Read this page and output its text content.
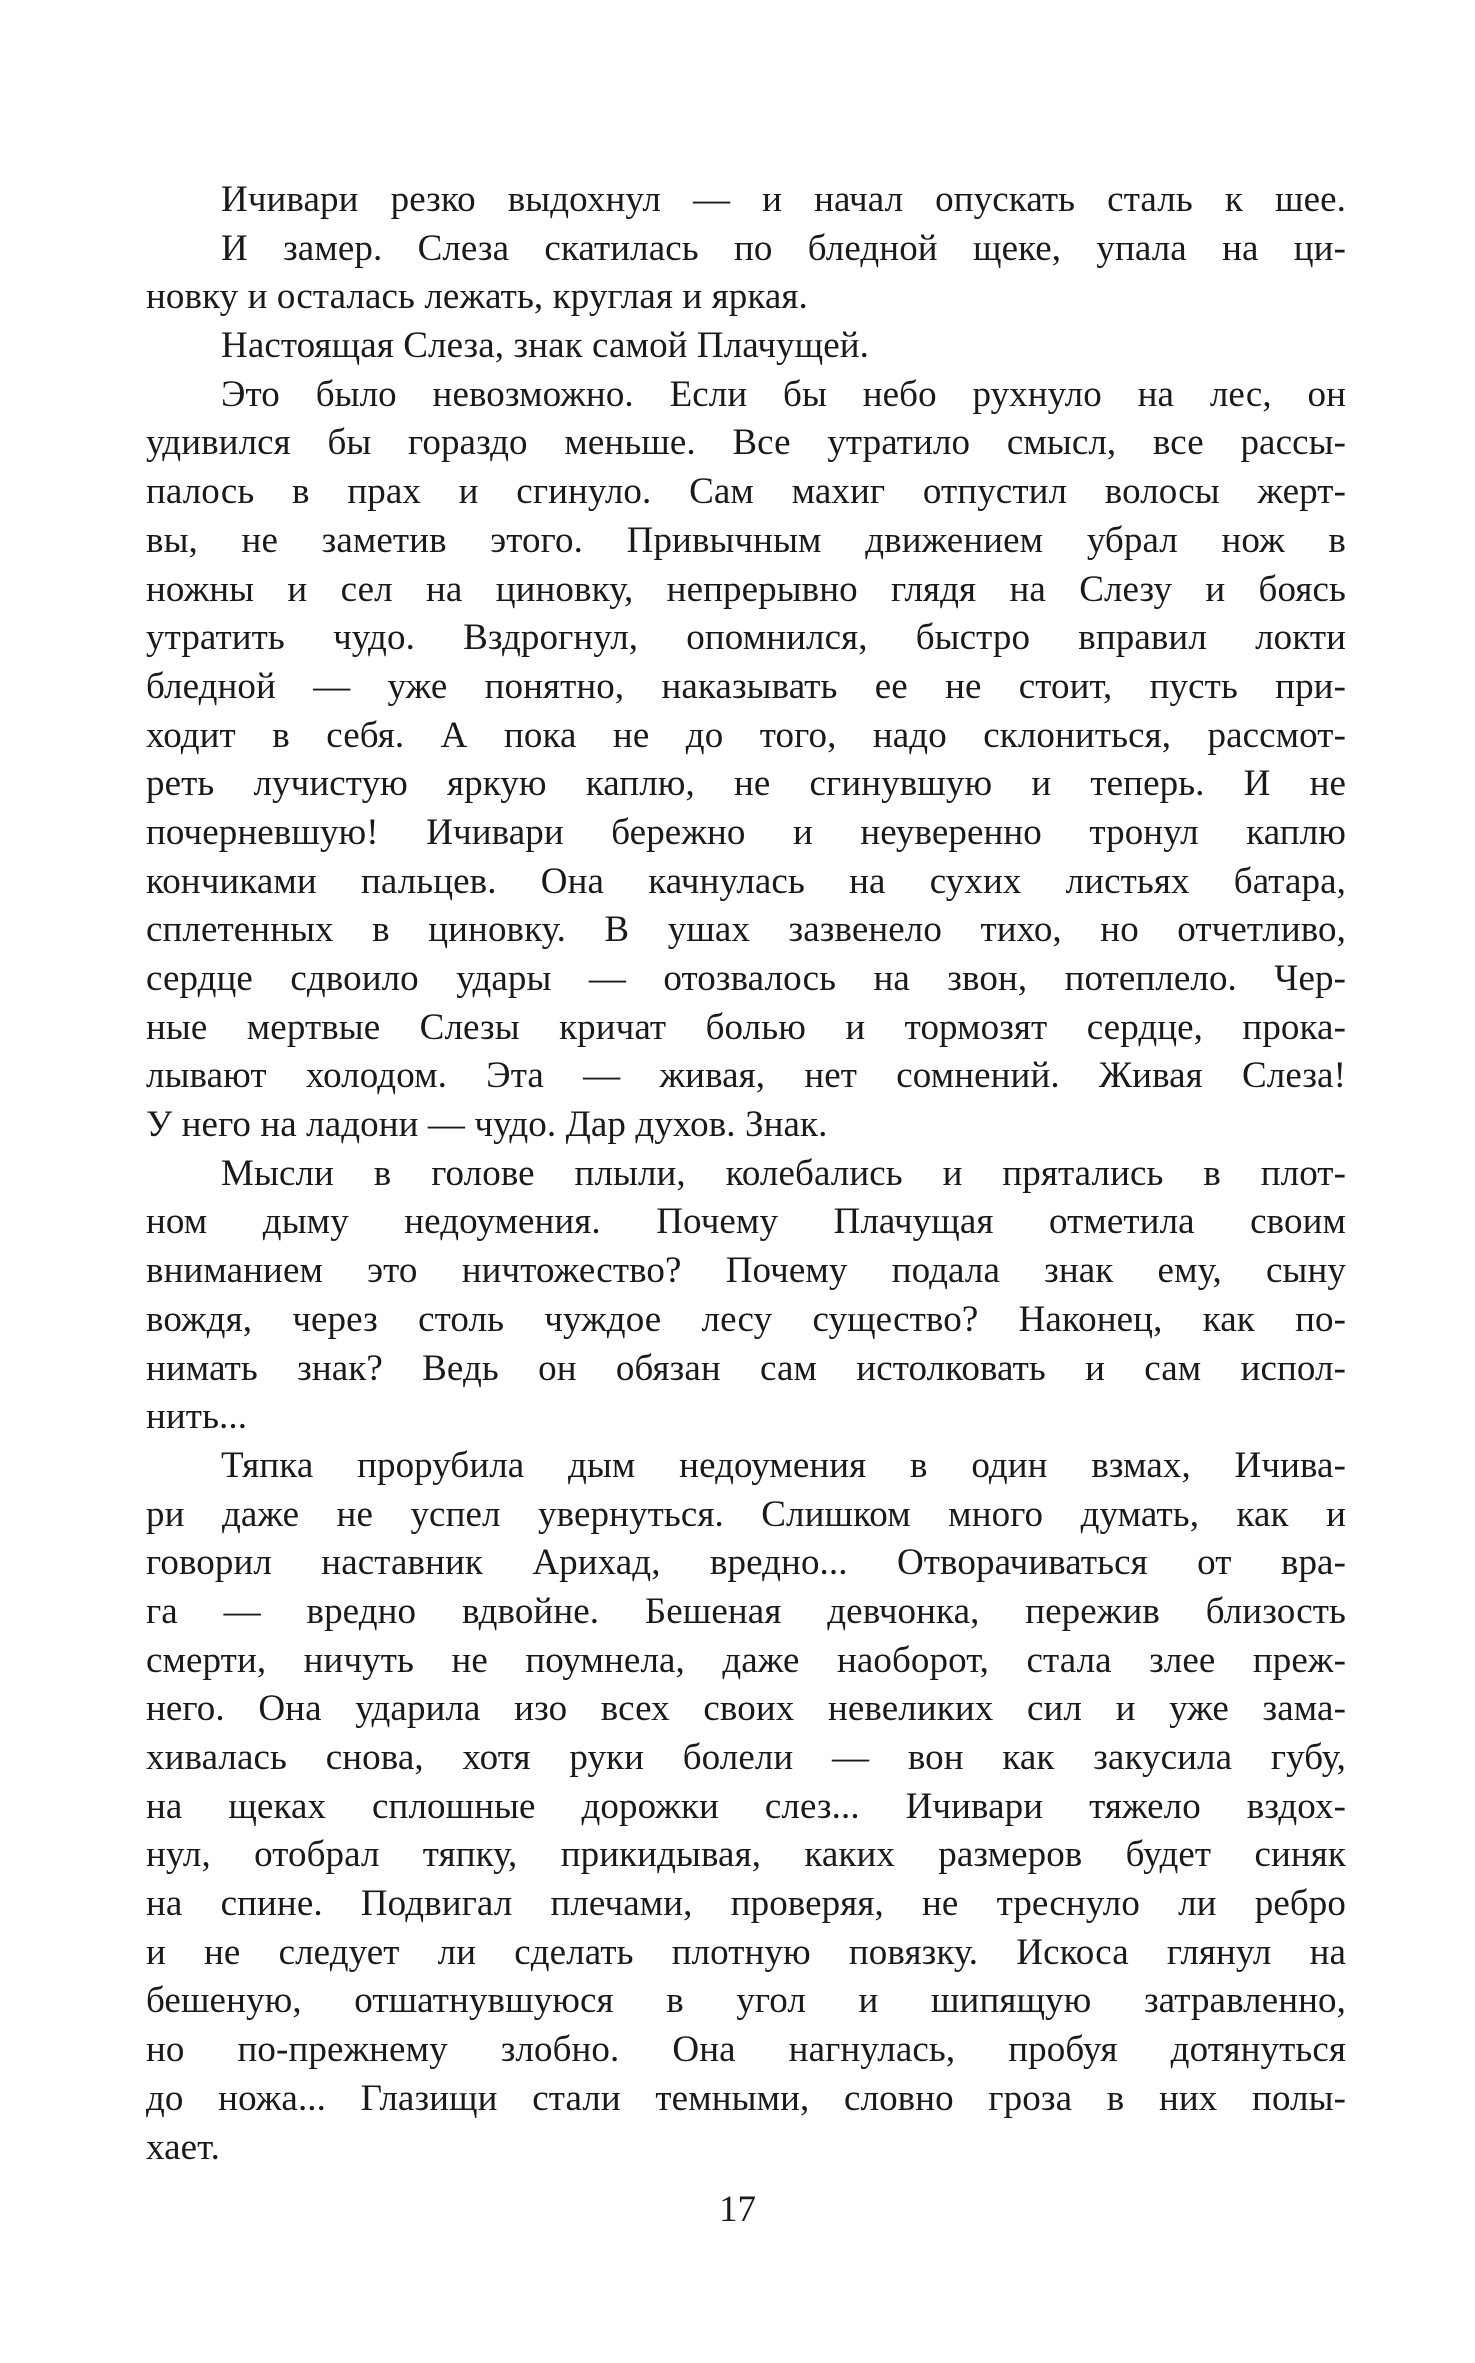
Ичивари резко выдохнул — и начал опускать сталь к шее.
И замер. Слеза скатилась по бледной щеке, упала на ци-
новку и осталась лежать, круглая и яркая.
Настоящая Слеза, знак самой Плачущей.
Это было невозможно. Если бы небо рухнуло на лес, он
удивился бы гораздо меньше. Все утратило смысл, все рассы-
палось в прах и сгинуло. Сам махиг отпустил волосы жерт-
вы, не заметив этого. Привычным движением убрал нож в
ножны и сел на циновку, непрерывно глядя на Слезу и боясь
утратить чудо. Вздрогнул, опомнился, быстро вправил локти
бледной — уже понятно, наказывать ее не стоит, пусть при-
ходит в себя. А пока не до того, надо склониться, рассмот-
реть лучистую яркую каплю, не сгинувшую и теперь. И не
почерневшую! Ичивари бережно и неуверенно тронул каплю
кончиками пальцев. Она качнулась на сухих листьях батара,
сплетенных в циновку. В ушах зазвенело тихо, но отчетливо,
сердце сдвоило удары — отозвалось на звон, потеплело. Чер-
ные мертвые Слезы кричат болью и тормозят сердце, прока-
лывают холодом. Эта — живая, нет сомнений. Живая Слеза!
У него на ладони — чудо. Дар духов. Знак.
Мысли в голове плыли, колебались и прятались в плот-
ном дыму недоумения. Почему Плачущая отметила своим
вниманием это ничтожество? Почему подала знак ему, сыну
вождя, через столь чуждое лесу существо? Наконец, как по-
нимать знак? Ведь он обязан сам истолковать и сам испол-
нить...
Тяпка прорубила дым недоумения в один взмах, Ичива-
ри даже не успел увернуться. Слишком много думать, как и
говорил наставник Арихад, вредно... Отворачиваться от вра-
га — вредно вдвойне. Бешеная девчонка, пережив близость
смерти, ничуть не поумнела, даже наоборот, стала злее преж-
него. Она ударила изо всех своих невеликих сил и уже зама-
хивалась снова, хотя руки болели — вон как закусила губу,
на щеках сплошные дорожки слез... Ичивари тяжело вздох-
нул, отобрал тяпку, прикидывая, каких размеров будет синяк
на спине. Подвигал плечами, проверяя, не треснуло ли ребро
и не следует ли сделать плотную повязку. Искоса глянул на
бешеную, отшатнувшуюся в угол и шипящую затравленно,
но по-прежнему злобно. Она нагнулась, пробуя дотянуться
до ножа... Глазищи стали темными, словно гроза в них полы-
хает.
17
